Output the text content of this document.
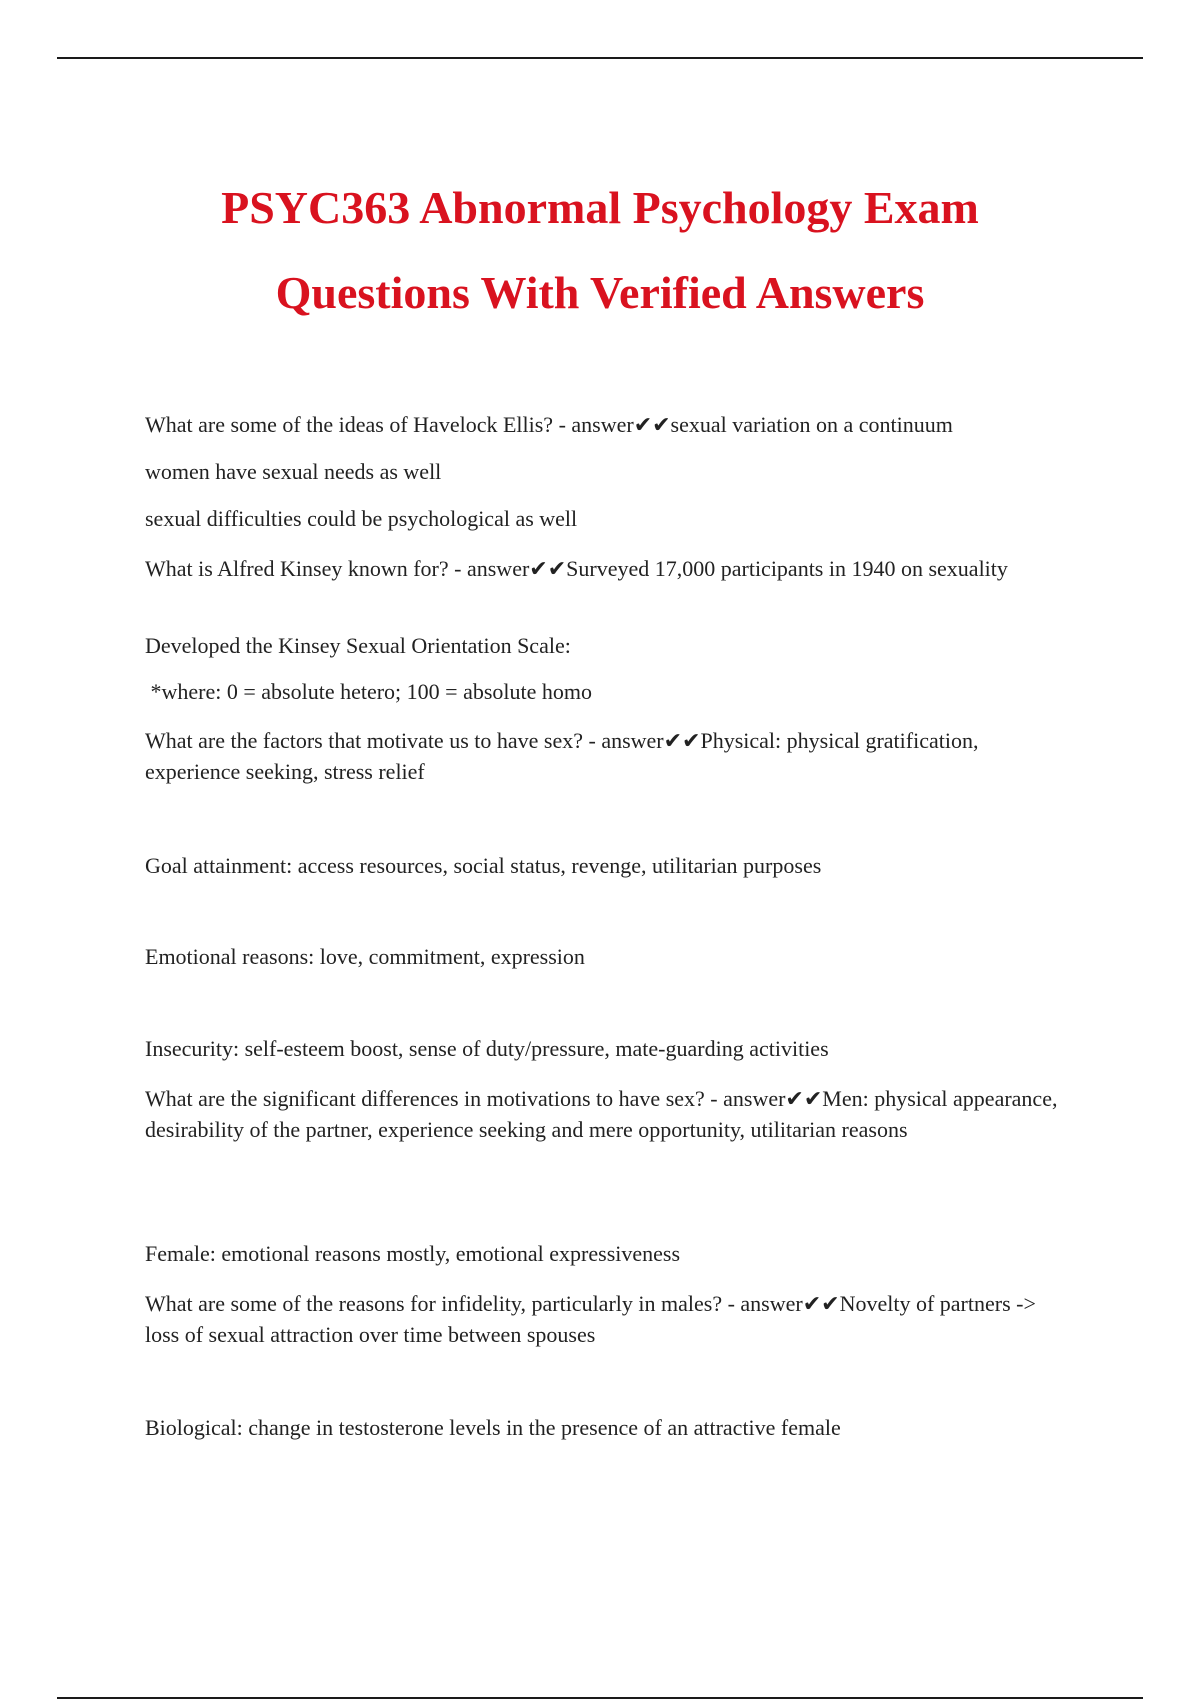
PSYC363 Abnormal Psychology Exam
Questions With Verified Answers

What are some of the ideas of Havelock Ellis? - answer✔✔sexual variation on a continuum

women have sexual needs as well

sexual difficulties could be psychological as well

What is Alfred Kinsey known for? - answer✔✔Surveyed 17,000 participants in 1940 on sexuality

Developed the Kinsey Sexual Orientation Scale:

*where: 0 = absolute hetero; 100 = absolute homo

What are the factors that motivate us to have sex? - answer✔✔Physical: physical gratification, experience seeking, stress relief

Goal attainment: access resources, social status, revenge, utilitarian purposes

Emotional reasons: love, commitment, expression

Insecurity: self-esteem boost, sense of duty/pressure, mate-guarding activities

What are the significant differences in motivations to have sex? - answer✔✔Men: physical appearance, desirability of the partner, experience seeking and mere opportunity, utilitarian reasons

Female: emotional reasons mostly, emotional expressiveness

What are some of the reasons for infidelity, particularly in males? - answer✔✔Novelty of partners -> loss of sexual attraction over time between spouses

Biological: change in testosterone levels in the presence of an attractive female
